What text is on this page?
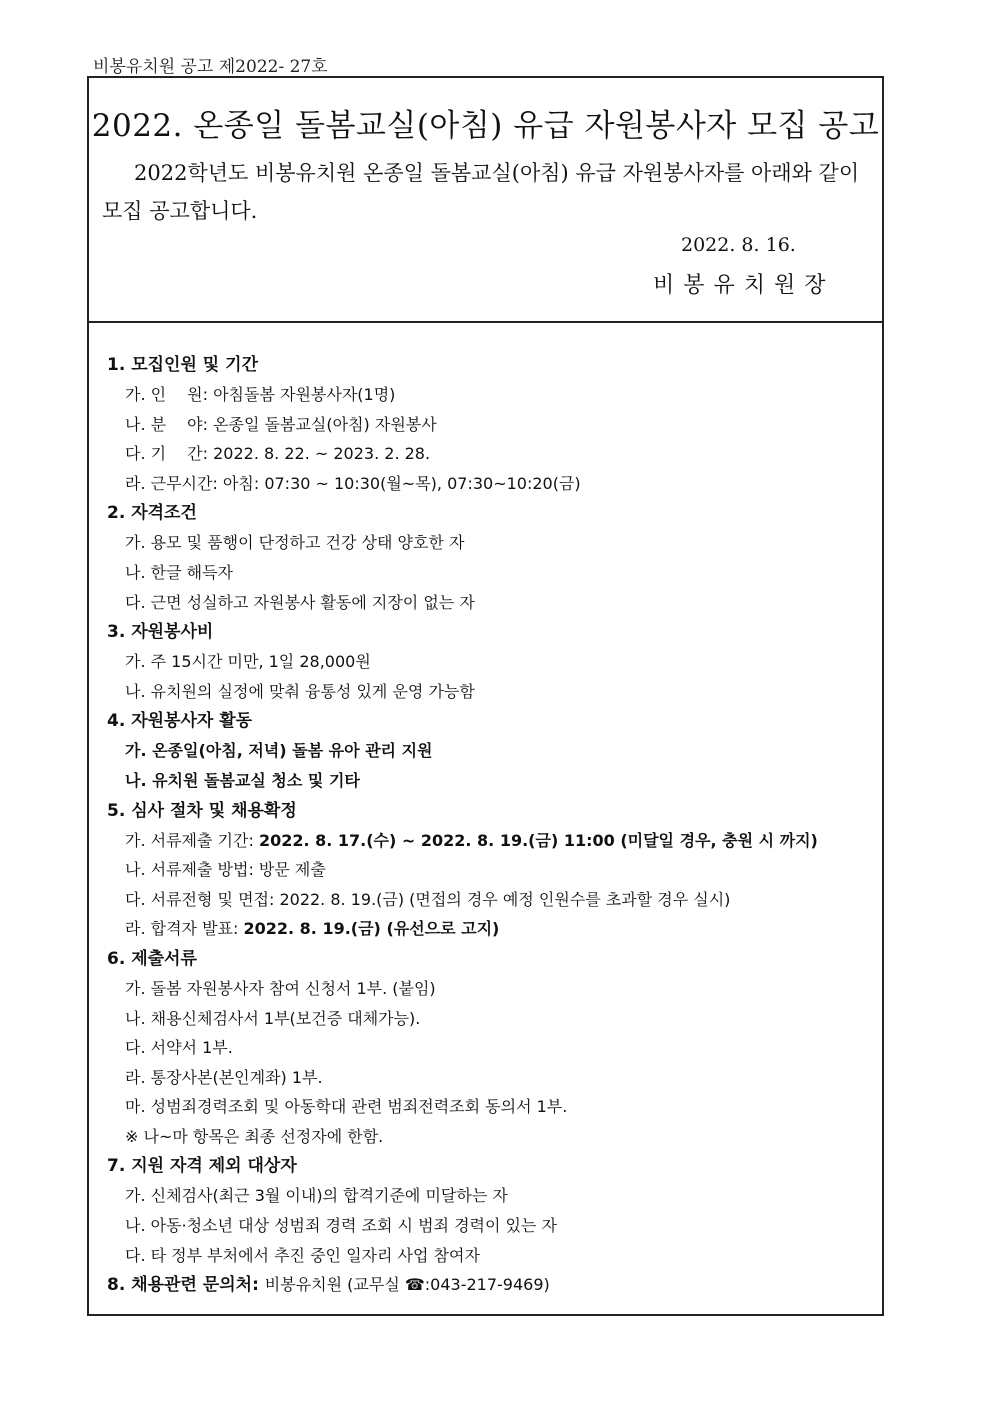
비봉유치원 공고 제2022- 27호
2022. 온종일 돌봄교실(아침) 유급 자원봉사자 모집 공고
2022학년도 비봉유치원 온종일 돌봄교실(아침) 유급 자원봉사자를 아래와 같이 모집 공고합니다.
2022. 8. 16.
비봉유치원장
1. 모집인원 및 기간
가. 인　 원: 아침돌봄 자원봉사자(1명)
나. 분　 야: 온종일 돌봄교실(아침) 자원봉사
다. 기　 간: 2022. 8. 22. ~ 2023. 2. 28.
라. 근무시간: 아침: 07:30 ~ 10:30(월~목), 07:30~10:20(금)
2. 자격조건
가. 용모 및 품행이 단정하고 건강 상태 양호한 자
나. 한글 해득자
다. 근면 성실하고 자원봉사 활동에 지장이 없는 자
3. 자원봉사비
가. 주 15시간 미만, 1일 28,000원
나. 유치원의 실정에 맞춰 융통성 있게 운영 가능함
4. 자원봉사자 활동
가. 온종일(아침, 저녁) 돌봄 유아 관리 지원
나. 유치원 돌봄교실 청소 및 기타
5. 심사 절차 및 채용확정
가. 서류제출 기간: 2022. 8. 17.(수) ~ 2022. 8. 19.(금) 11:00 (미달일 경우, 충원 시 까지)
나. 서류제출 방법: 방문 제출
다. 서류전형 및 면접: 2022. 8. 19.(금) (면접의 경우 예정 인원수를 초과할 경우 실시)
라. 합격자 발표: 2022. 8. 19.(금) (유선으로 고지)
6. 제출서류
가. 돌봄 자원봉사자 참여 신청서 1부. (붙임)
나. 채용신체검사서 1부(보건증 대체가능).
다. 서약서 1부.
라. 통장사본(본인계좌) 1부.
마. 성범죄경력조회 및 아동학대 관련 범죄전력조회 동의서 1부.
※ 나~마 항목은 최종 선정자에 한함.
7. 지원 자격 제외 대상자
가. 신체검사(최근 3월 이내)의 합격기준에 미달하는 자
나. 아동·청소년 대상 성범죄 경력 조회 시 범죄 경력이 있는 자
다. 타 정부 부처에서 추진 중인 일자리 사업 참여자
8. 채용관련 문의처: 비봉유치원 (교무실 ☎:043-217-9469)
